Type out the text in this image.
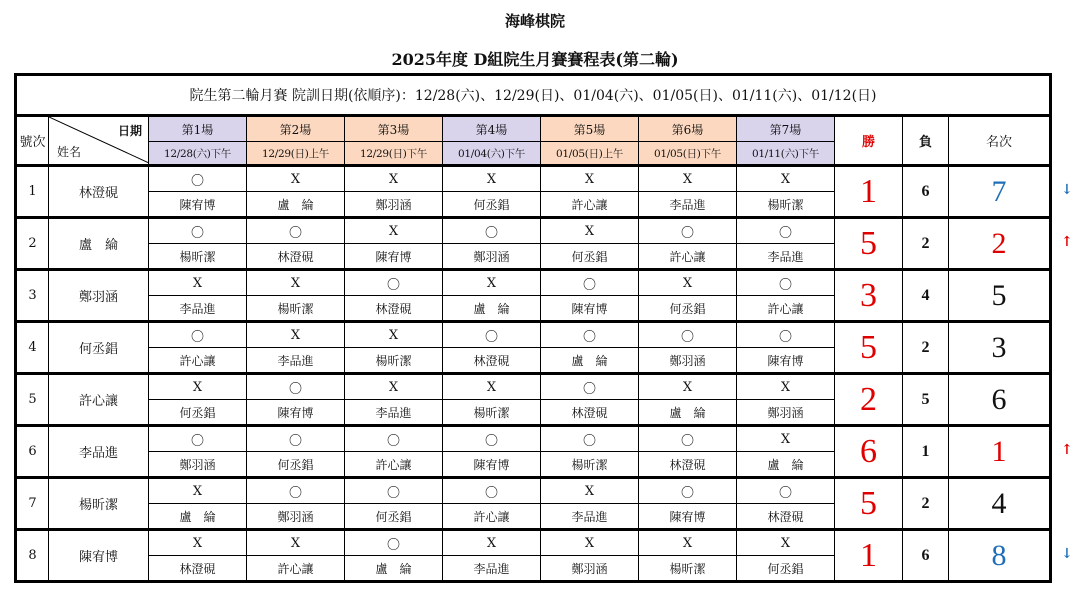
海峰棋院
2025年度 D組院生月賽賽程表(第二輪)
院生第二輪月賽 院訓日期(依順序)：12/28(六)、12/29(日)、01/04(六)、01/05(日)、01/11(六)、01/12(日)											
號次	日期
姓名	第1場	第2場	第3場	第4場	第5場	第6場	第7場	勝	負	名次
		12/28(六)下午	12/29(日)上午	12/29(日)下午	01/04(六)下午	01/05(日)上午	01/05(日)下午	01/11(六)下午			
1	林澄硯	〇	X	X	X	X	X	X	1	6	7
		陳宥博	盧　綸	鄭羽涵	何丞錩	許心讓	李品進	楊昕潔			
2	盧　綸	〇	〇	X	〇	X	〇	〇	5	2	2
		楊昕潔	林澄硯	陳宥博	鄭羽涵	何丞錩	許心讓	李品進			
3	鄭羽涵	X	X	〇	X	〇	X	〇	3	4	5
		李品進	楊昕潔	林澄硯	盧　綸	陳宥博	何丞錩	許心讓			
4	何丞錩	〇	X	X	〇	〇	〇	〇	5	2	3
		許心讓	李品進	楊昕潔	林澄硯	盧　綸	鄭羽涵	陳宥博			
5	許心讓	X	〇	X	X	〇	X	X	2	5	6
		何丞錩	陳宥博	李品進	楊昕潔	林澄硯	盧　綸	鄭羽涵			
6	李品進	〇	〇	〇	〇	〇	〇	X	6	1	1
		鄭羽涵	何丞錩	許心讓	陳宥博	楊昕潔	林澄硯	盧　綸			
7	楊昕潔	X	〇	〇	〇	X	〇	〇	5	2	4
		盧　綸	鄭羽涵	何丞錩	許心讓	李品進	陳宥博	林澄硯			
8	陳宥博	X	X	〇	X	X	X	X	1	6	8
		林澄硯	許心讓	盧　綸	李品進	鄭羽涵	楊昕潔	何丞錩			
↓
↑
↑
↓
